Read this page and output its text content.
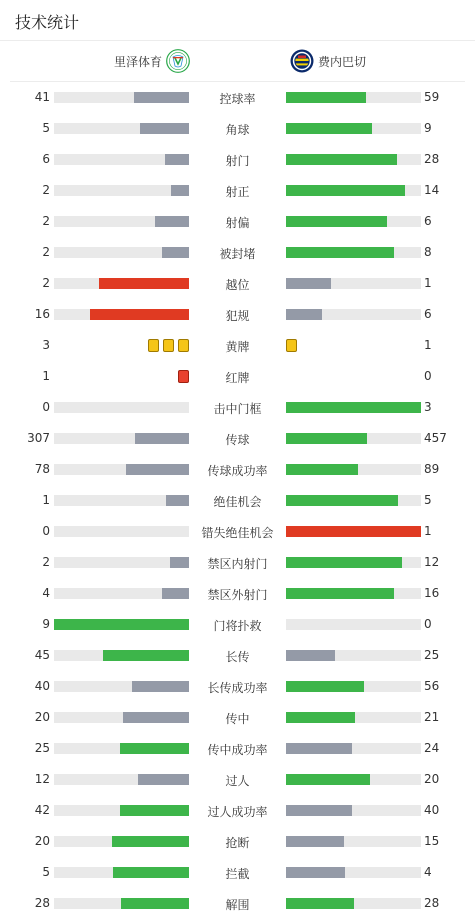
技术统计
里泽体育	费内巴切
41	控球率	59
5	角球	9
6	射门	28
2	射正	14
2	射偏	6
2	被封堵	8
2	越位	1
16	犯规	6
3	黄牌	1
1	红牌	0
0	击中门框	3
307	传球	457
78	传球成功率	89
1	绝佳机会	5
0	错失绝佳机会	1
2	禁区内射门	12
4	禁区外射门	16
9	门将扑救	0
45	长传	25
40	长传成功率	56
20	传中	21
25	传中成功率	24
12	过人	20
42	过人成功率	40
20	抢断	15
5	拦截	4
28	解围	28
